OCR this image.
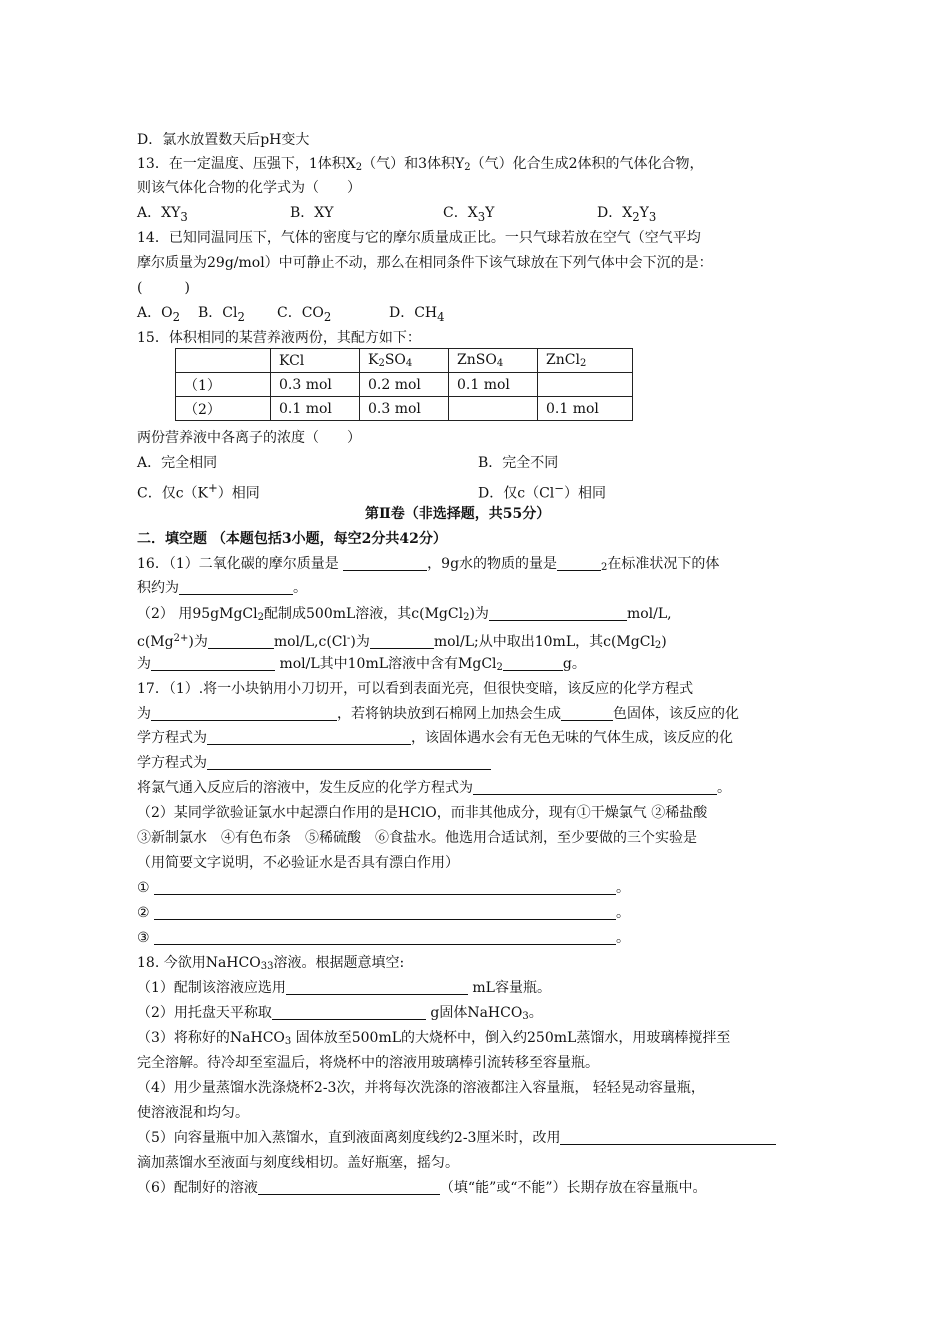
D．氯水放置数天后pH变大
13．在一定温度、压强下，1体积$X_2$（气）和3体积$Y_2$（气）化合生成2体积的气体化合物，
则该气体化合物的化学式为（　　）
A．$XY_3$	B．XY	C．$X_3Y$	D．$X_2Y_3$
14．已知同温同压下，气体的密度与它的摩尔质量成正比。一只气球若放在空气（空气平均
摩尔质量为29g/mol）中可静止不动，那么在相同条件下该气球放在下列气体中会下沉的是：
(　　　)
A．$O_2$ B．$Cl_2$ C．$CO_2$	D．$CH_4$
15．体积相同的某营养液两份，其配方如下：
	KCl	$K_2SO_4$	ZnSO$_4$	ZnCl$_2$
（1）	0.3 mol	0.2 mol	0.1 mol	
（2）	0.1 mol	0.3 mol		0.1 mol
两份营养液中各离子的浓度（　　）
A．完全相同	B．完全不同
C．仅c（K+）相同	D．仅c（Cl−）相同
第Ⅱ卷（非选择题，共55分）
二．填空题 （本题包括3小题，每空2分共42分）
16．（1）二氧化碳的摩尔质量是	，9g水的物质的量是	$_2$在标准状况下的体
积约为	。
（2） 用95gMgCl$_2$配制成500mL溶液，其c(MgCl$_2$)为	mol/L,
$c(Mg^{2+})$为	mol/L,c(Cl-)为	mol/L;从中取出10mL，其c(MgCl$_2$)
为	mol/L其中10mL溶液中含有MgCl$_2$	g。
17．（1）.将一小块钠用小刀切开，可以看到表面光亮，但很快变暗，该反应的化学方程式
为	，若将钠块放到石棉网上加热会生成	色固体，该反应的化
学方程式为	，该固体遇水会有无色无味的气体生成，该反应的化
学方程式为
将氯气通入反应后的溶液中，发生反应的化学方程式为	。
（2）某同学欲验证氯水中起漂白作用的是HClO，而非其他成分，现有①干燥氯气 ②稀盐酸
③新制氯水　④有色布条　⑤稀硫酸　⑥食盐水。他选用合适试剂，至少要做的三个实验是
（用简要文字说明，不必验证水是否具有漂白作用）
①	。
②	。
③	。
18. 今欲用NaHCO$_{33}$溶液。根据题意填空:
（1）配制该溶液应选用	mL容量瓶。
（2）用托盘天平称取	g固体NaHCO$_3$。
（3）将称好的NaHCO$_3$ 固体放至500mL的大烧杯中，倒入约250mL蒸馏水，用玻璃棒搅拌至
完全溶解。待冷却至室温后，将烧杯中的溶液用玻璃棒引流转移至容量瓶。
（4）用少量蒸馏水洗涤烧杯2-3次，并将每次洗涤的溶液都注入容量瓶， 轻轻晃动容量瓶，
使溶液混和均匀。
（5）向容量瓶中加入蒸馏水，直到液面离刻度线约2-3厘米时，改用
滴加蒸馏水至液面与刻度线相切。盖好瓶塞，摇匀。
（6）配制好的溶液	（填“能”或“不能”）长期存放在容量瓶中。
